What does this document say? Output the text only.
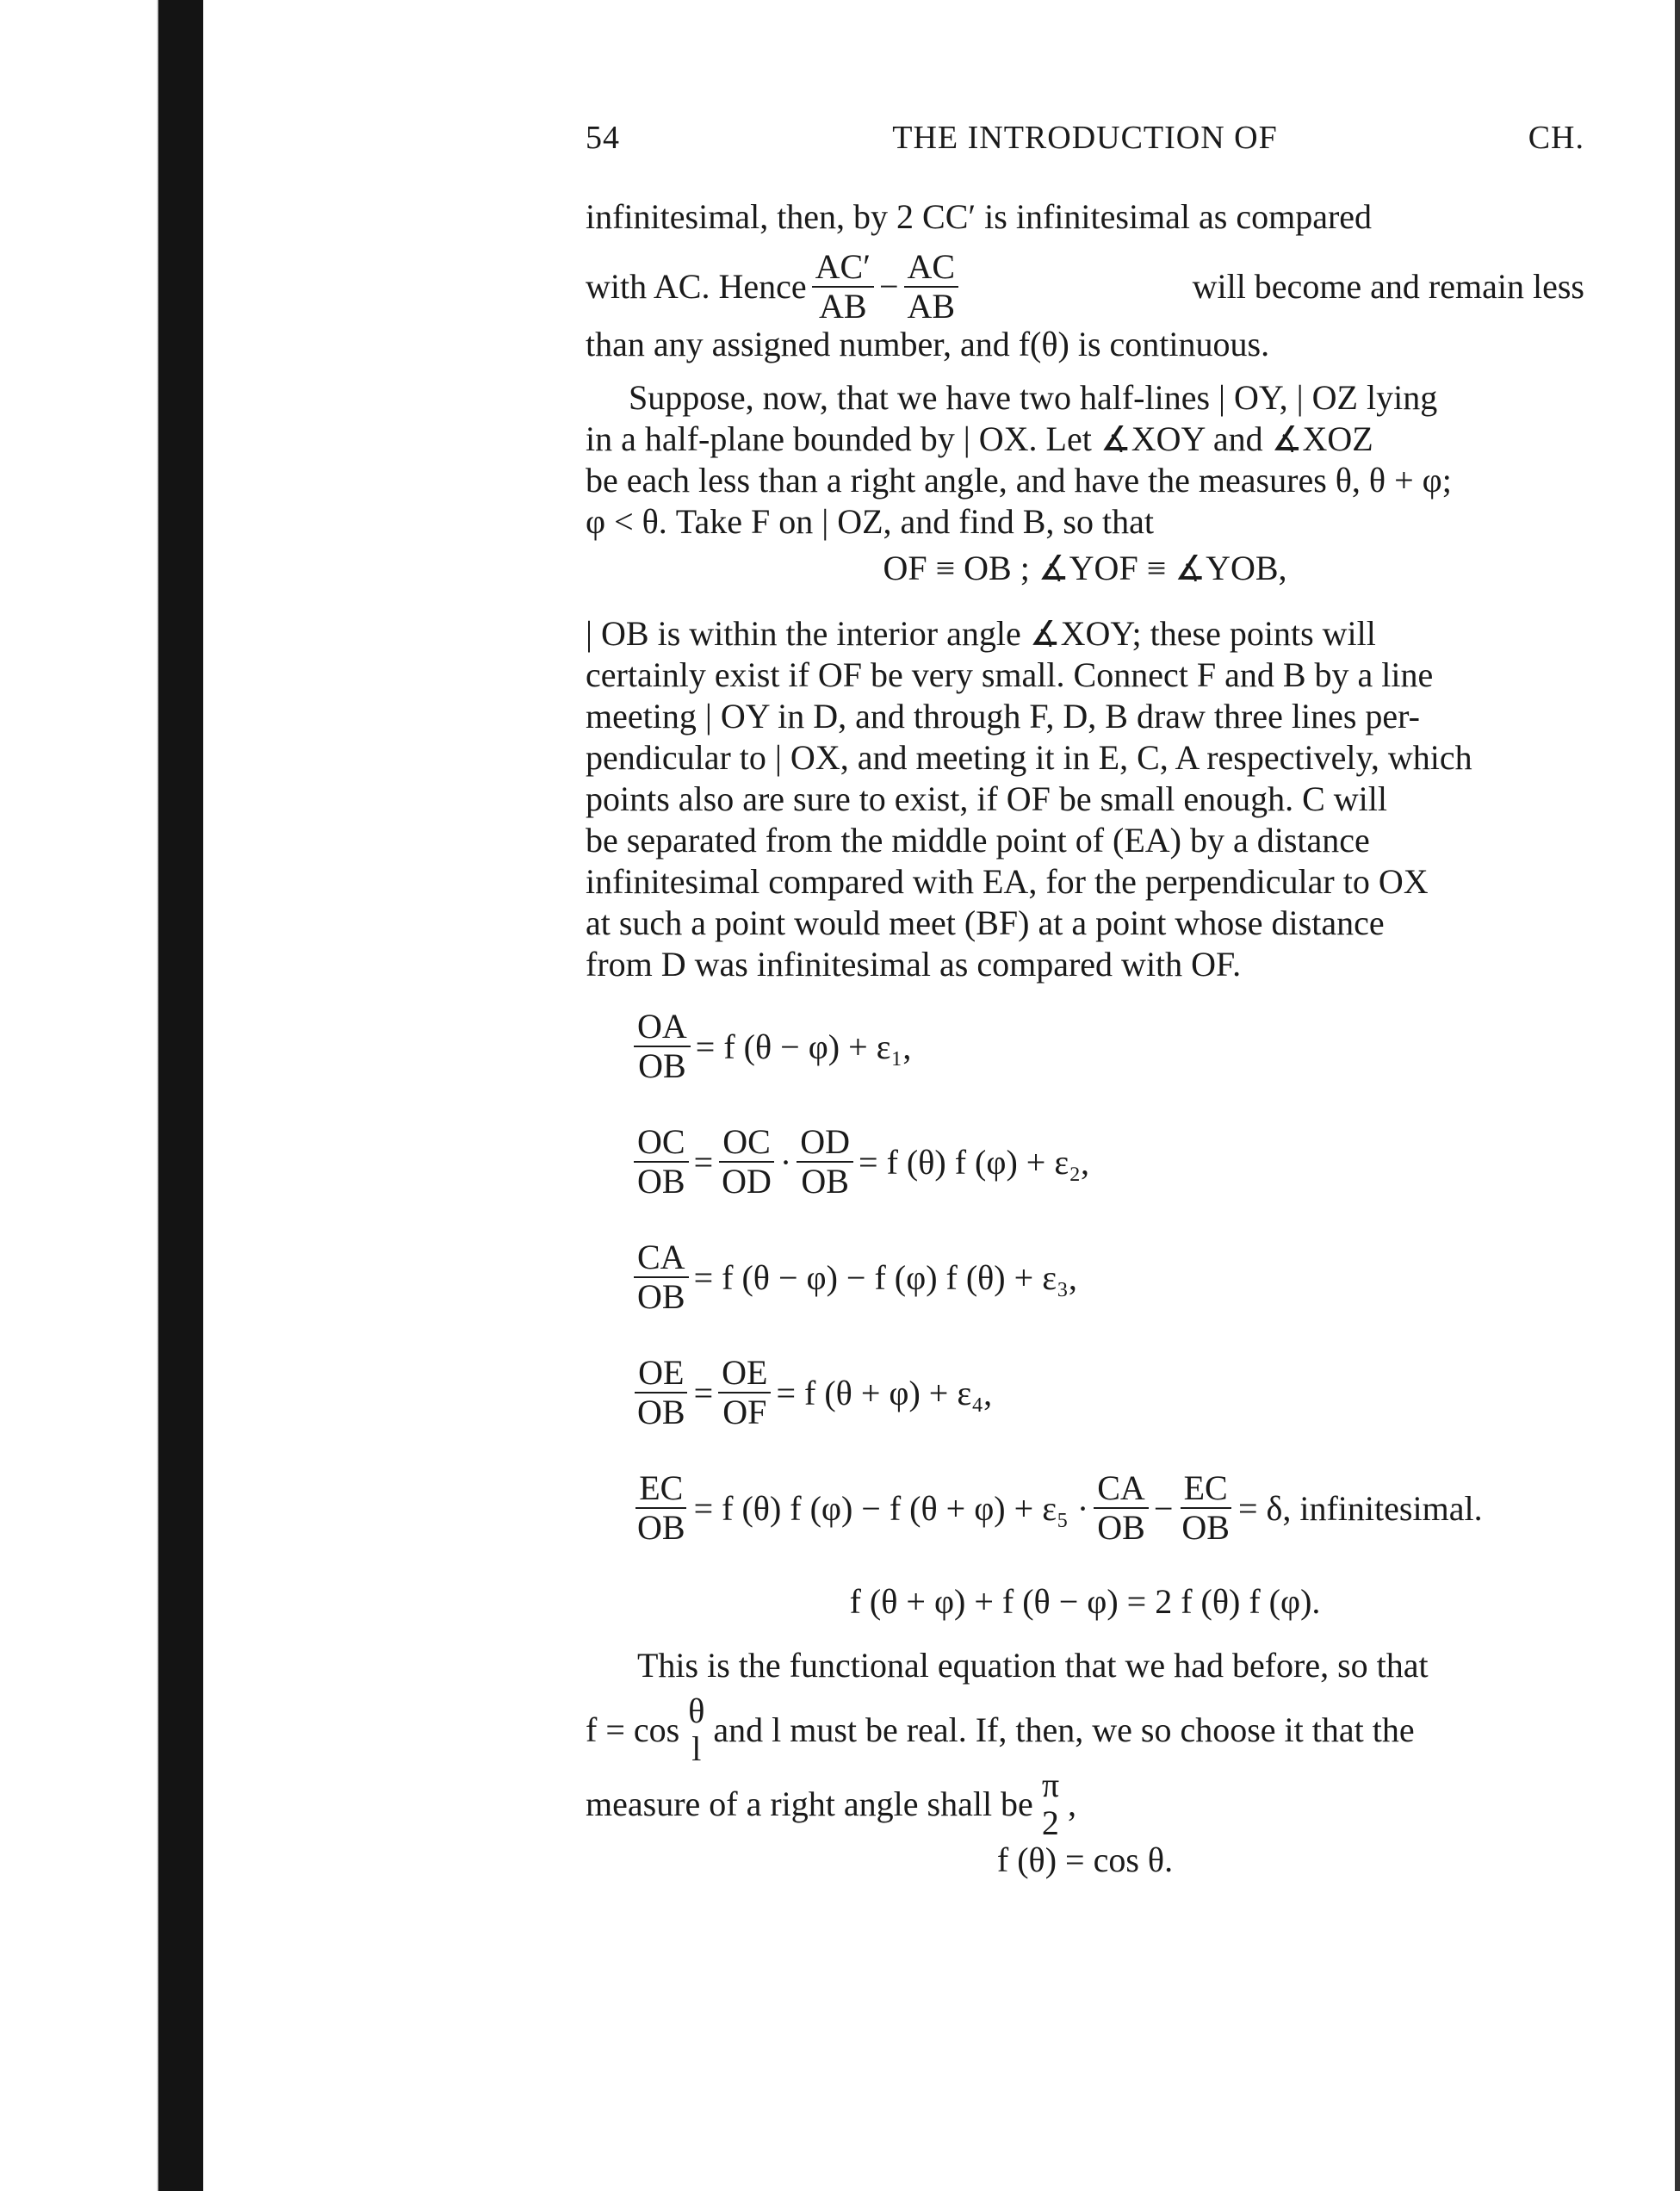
54	THE INTRODUCTION OF	CH.
infinitesimal, then, by 2 CC′ is infinitesimal as compared
with AC. Hence $\frac{AC'}{AB} - \frac{AC}{AB}$	will become and remain less
than any assigned number, and f(θ) is continuous.
Suppose, now, that we have two half-lines | OY, | OZ lying
in a half-plane bounded by | OX. Let ∡XOY and ∡XOZ
be each less than a right angle, and have the measures θ, θ + φ;
φ < θ. Take F on | OZ, and find B, so that
OF ≡ OB ; ∡YOF ≡ ∡YOB,
| OB is within the interior angle ∡XOY; these points will
certainly exist if OF be very small. Connect F and B by a line
meeting | OY in D, and through F, D, B draw three lines per-
pendicular to | OX, and meeting it in E, C, A respectively, which
points also are sure to exist, if OF be small enough. C will
be separated from the middle point of (EA) by a distance
infinitesimal compared with EA, for the perpendicular to OX
at such a point would meet (BF) at a point whose distance
from D was infinitesimal as compared with OF.
$\frac{OA}{OB} = f$ (θ − φ) + ε₁,
$\frac{OC}{OB} = \frac{OC}{OD} \cdot \frac{OD}{OB} = f$ (θ) f (φ) + ε₂,
$\frac{CA}{OB} = f$ (θ − φ) − f (φ) f (θ) + ε₃,
$\frac{OE}{OB} = \frac{OE}{OF} = f$ (θ + φ) + ε₄,
$\frac{EC}{OB} = f$ (θ) f (φ) − f $(\theta + \varphi) + \varepsilon_5 \cdot \frac{CA}{OB} - \frac{EC}{OB} = \delta$, infinitesimal.
f (θ + φ) + f (θ − φ) = 2 f (θ) f (φ).
This is the functional equation that we had before, so that
f = cos θ
l and l must be real. If, then, we so choose it that the
measure of a right angle shall be π
2 ,
f (θ) = cos θ.
